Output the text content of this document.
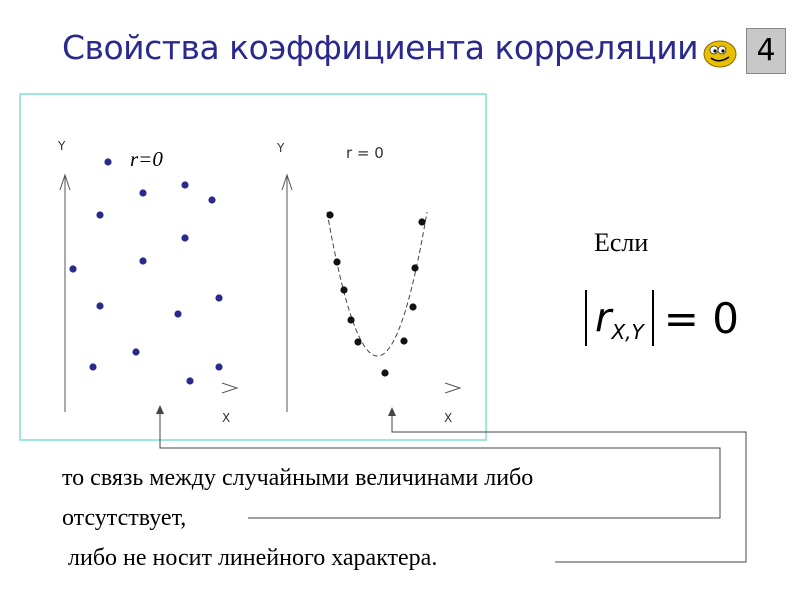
Свойства коэффициента корреляции	4
Y
X
r=0	Y
X
r = 0
Если
$r_{X,Y} = 0$
то связь между случайными величинами либо
отсутствует,
либо не носит линейного характера.
